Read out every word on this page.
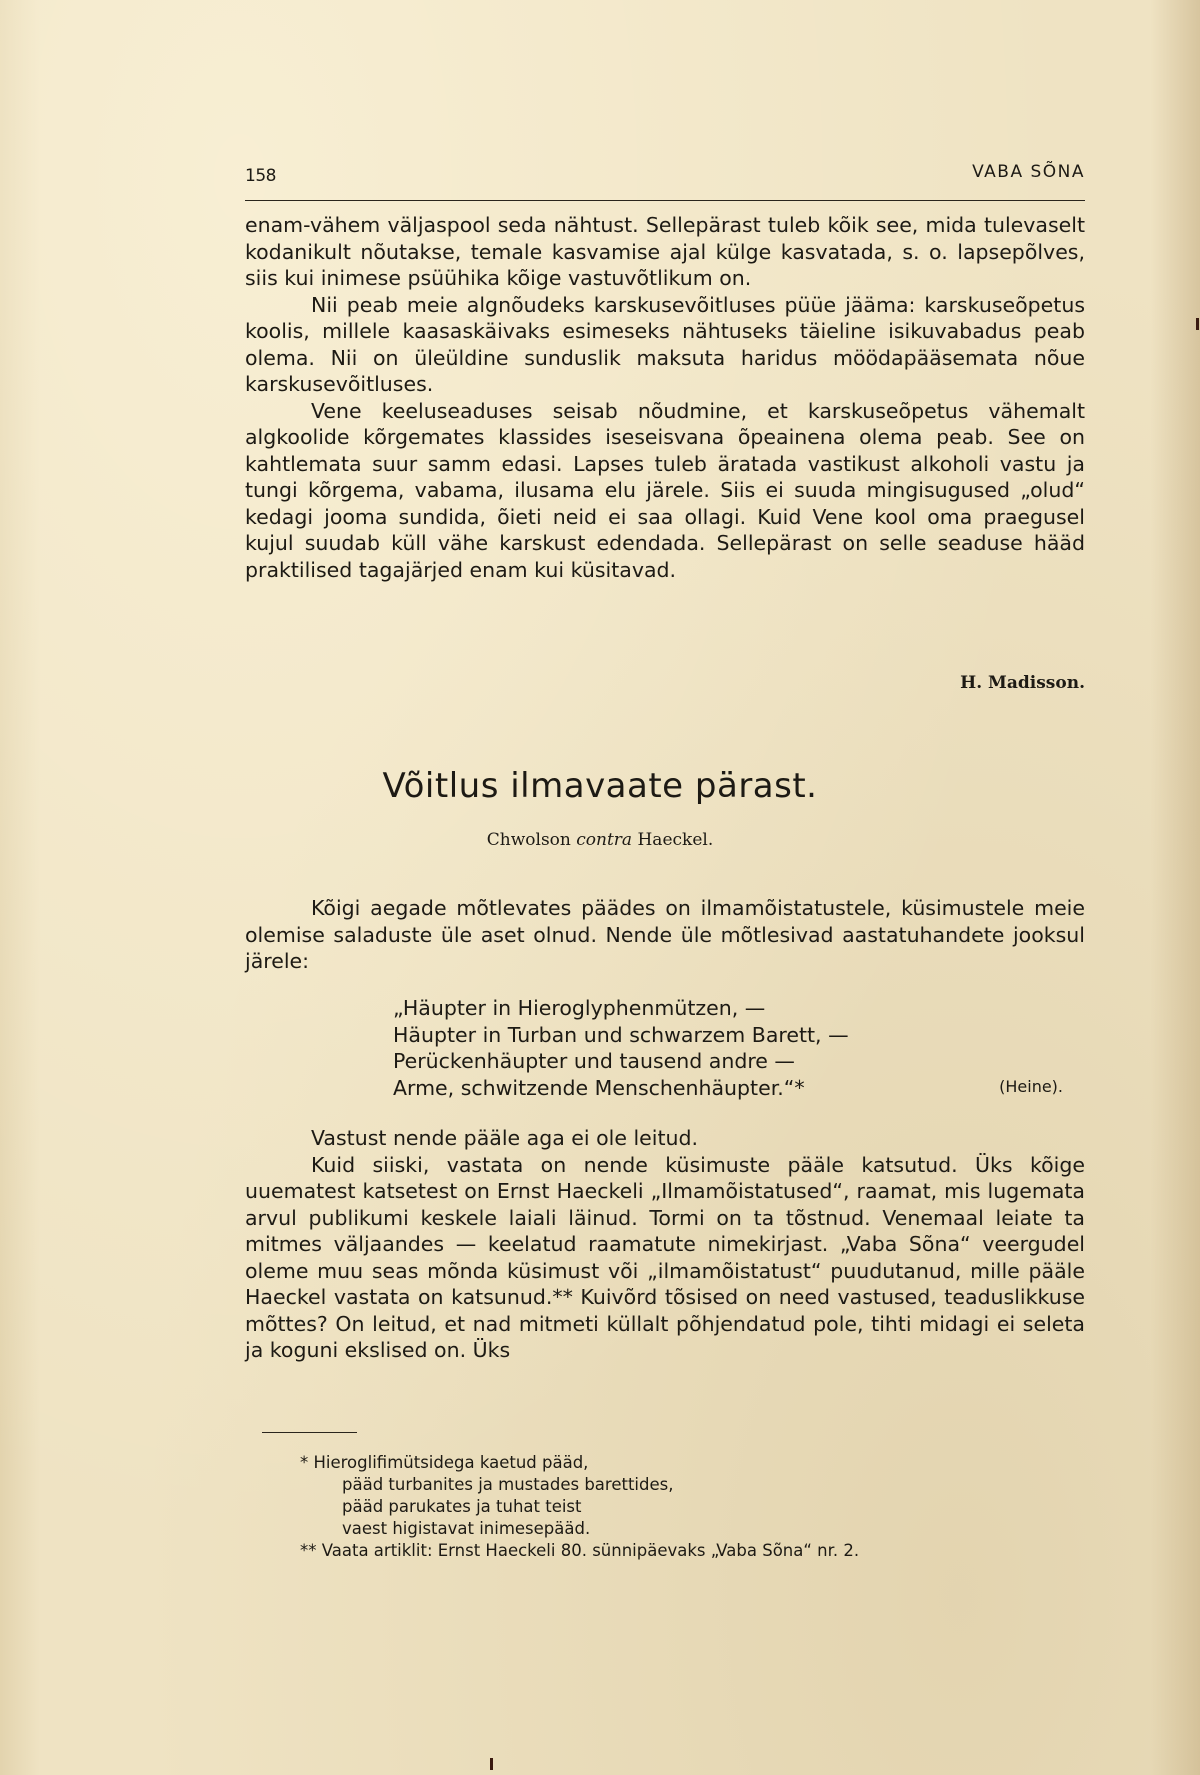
158	VABA SÕNA

enam-vähem väljaspool seda nähtust. Sellepärast tuleb kõik see, mida tulevaselt kodanikult nõutakse, temale kasvamise ajal külge kasvatada, s. o. lapsepõlves, siis kui inimese psüühika kõige vastuvõtlikum on.

Nii peab meie algnõudeks karskusevõitluses püüe jääma: karskuseõpetus koolis, millele kaasaskäivaks esimeseks nähtuseks täieline isikuvabadus peab olema. Nii on üleüldine sunduslik maksuta haridus möödapääsemata nõue karskusevõitluses.

Vene keeluseaduses seisab nõudmine, et karskuseõpetus vähemalt algkoolide kõrgemates klassides iseseisvana õpeainena olema peab. See on kahtlemata suur samm edasi. Lapses tuleb äratada vastikust alkoholi vastu ja tungi kõrgema, vabama, ilusama elu järele. Siis ei suuda mingisugused „olud“ kedagi jooma sundida, õieti neid ei saa ollagi. Kuid Vene kool oma praegusel kujul suudab küll vähe karskust edendada. Sellepärast on selle seaduse hääd praktilised tagajärjed enam kui küsitavad.

H. Madisson.
Võitlus ilmavaate pärast.
Chwolson contra Haeckel.

Kõigi aegade mõtlevates päädes on ilmamõistatustele, küsimustele meie olemise saladuste üle aset olnud. Nende üle mõtlesivad aastatuhandete jooksul järele:

„Häupter in Hieroglyphenmützen, —
Häupter in Turban und schwarzem Barett, —
Perückenhäupter und tausend andre —
Arme, schwitzende Menschenhäupter.“*	(Heine).

Vastust nende pääle aga ei ole leitud.

Kuid siiski, vastata on nende küsimuste pääle katsutud. Üks kõige uuematest katsetest on Ernst Haeckeli „Ilmamõistatused“, raamat, mis lugemata arvul publikumi keskele laiali läinud. Tormi on ta tõstnud. Venemaal leiate ta mitmes väljaandes — keelatud raamatute nimekirjast. „Vaba Sõna“ veergudel oleme muu seas mõnda küsimust või „ilmamõistatust“ puudutanud, mille pääle Haeckel vastata on katsunud.** Kuivõrd tõsised on need vastused, teaduslikkuse mõttes? On leitud, et nad mitmeti küllalt põhjendatud pole, tihti midagi ei seleta ja koguni ekslised on. Üks

* Hieroglifimütsidega kaetud pääd,
pääd turbanites ja mustades barettides,
pääd parukates ja tuhat teist
vaest higistavat inimesepääd.
** Vaata artiklit: Ernst Haeckeli 80. sünnipäevaks „Vaba Sõna“ nr. 2.
